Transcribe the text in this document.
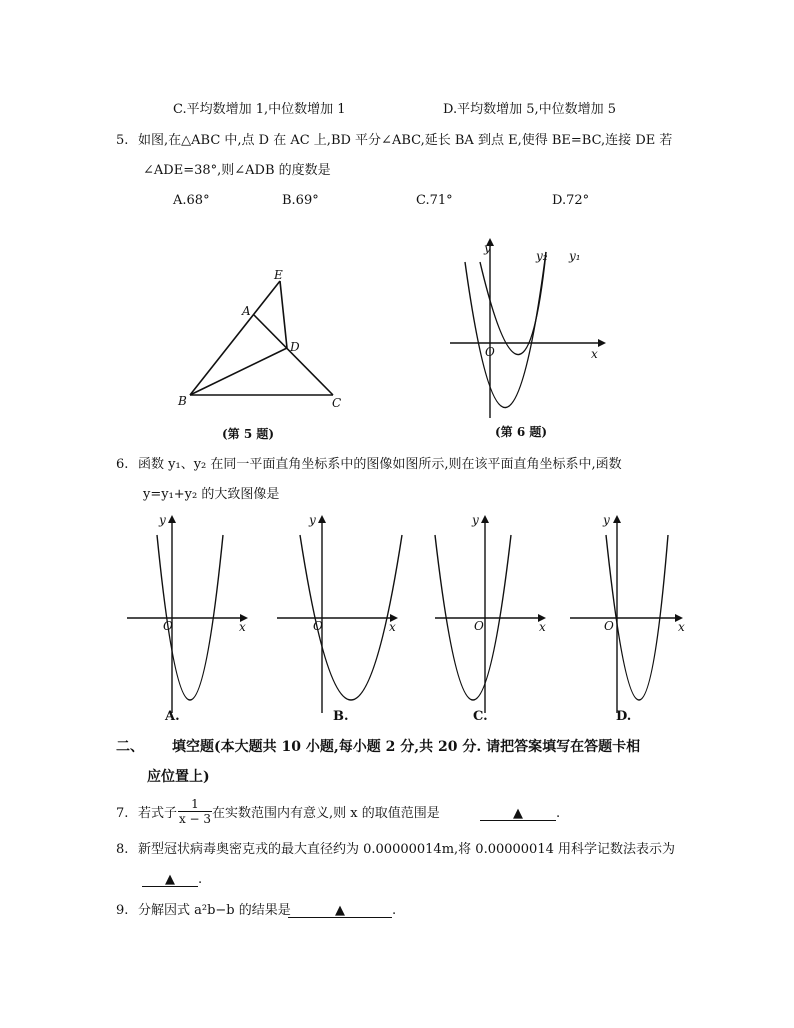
C.平均数增加 1,中位数增加 1	D.平均数增加 5,中位数增加 5
5. 如图,在△ABC 中,点 D 在 AC 上,BD 平分∠ABC,延长 BA 到点 E,使得 BE=BC,连接 DE 若
∠ADE=38°,则∠ADB 的度数是
A.68°	B.69°	C.71°	D.72°
E
A
D
B	C
(第 5 题)
y
x
O
y₂ y₁
(第 6 题)
6. 函数 y₁、y₂ 在同一平面直角坐标系中的图像如图所示,则在该平面直角坐标系中,函数
y=y₁+y₂ 的大致图像是
y
x
O
A.
y
x
O
B.
y
x
O
C.
y
x
O
D.
二、 填空题(本大题共 10 小题,每小题 2 分,共 20 分. 请把答案填写在答题卡相
应位置上)
7. 若式子 $\frac{1}{x - 3}$ 在实数范围内有意义,则 x 的取值范围是	▲	.
8. 新型冠状病毒奥密克戎的最大直径约为 0.00000014m,将 0.00000014 用科学记数法表示为
▲ .
9. 分解因式 a²b−b 的结果是	▲	.
